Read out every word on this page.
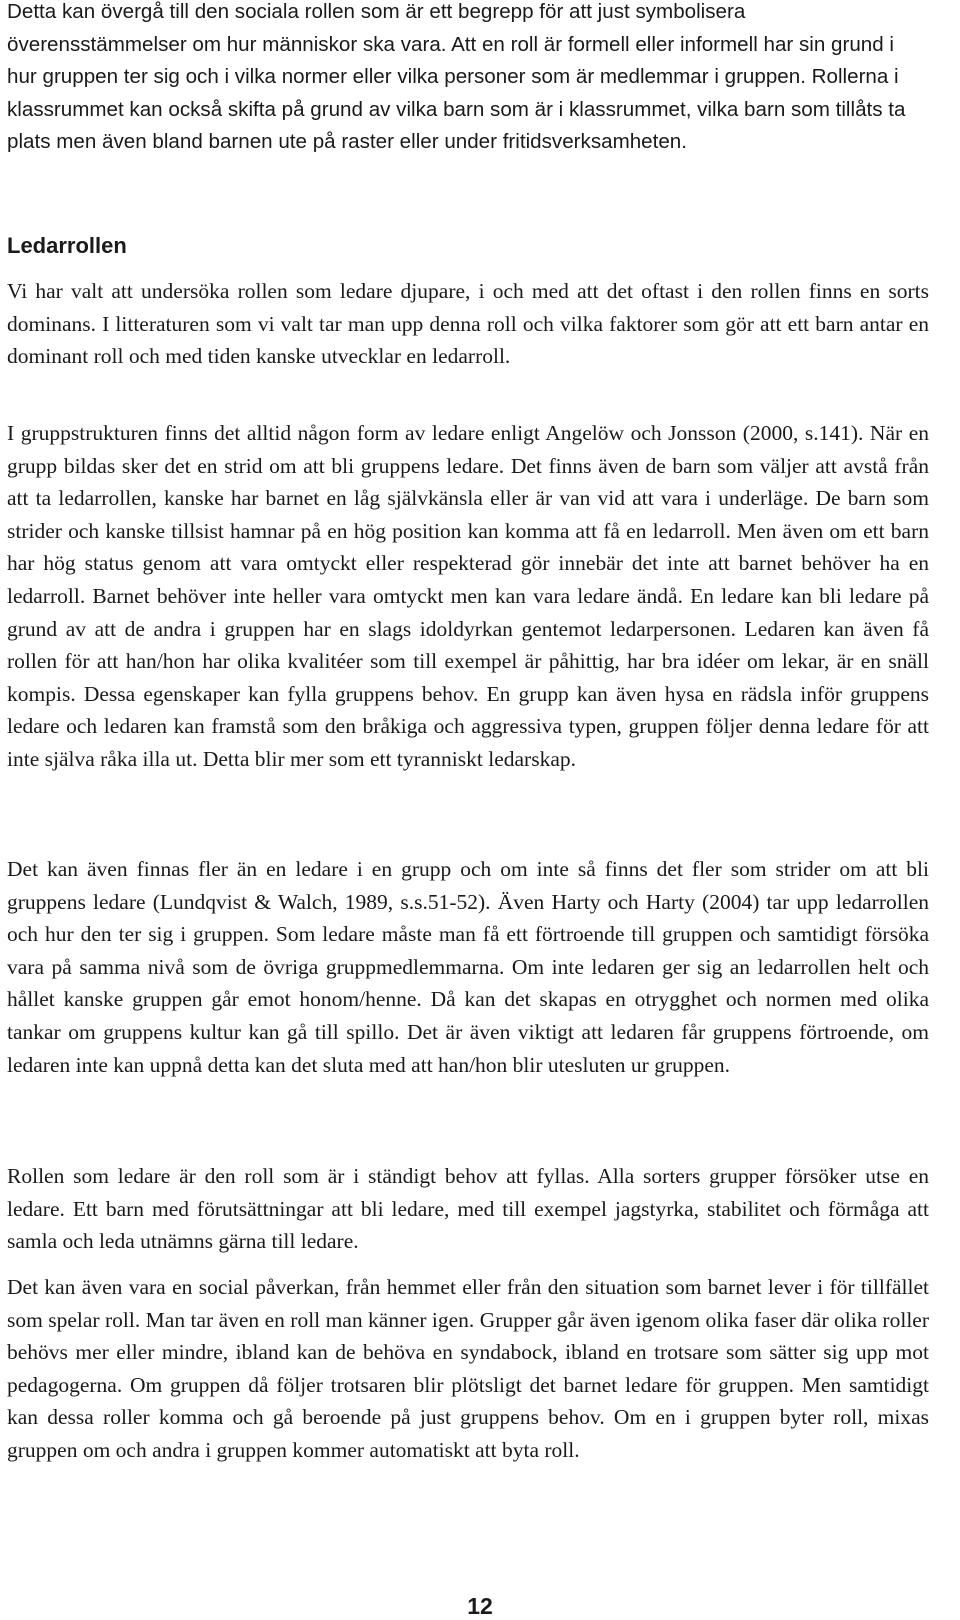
Detta kan övergå till den sociala rollen som är ett begrepp för att just symbolisera överensstämmelser om hur människor ska vara. Att en roll är formell eller informell har sin grund i hur gruppen ter sig och i vilka normer eller vilka personer som är medlemmar i gruppen. Rollerna i klassrummet kan också skifta på grund av vilka barn som är i klassrummet, vilka barn som tillåts ta plats men även bland barnen ute på raster eller under fritidsverksamheten.

Ledarrollen

Vi har valt att undersöka rollen som ledare djupare, i och med att det oftast i den rollen finns en sorts dominans. I litteraturen som vi valt tar man upp denna roll och vilka faktorer som gör att ett barn antar en dominant roll och med tiden kanske utvecklar en ledarroll.

I gruppstrukturen finns det alltid någon form av ledare enligt Angelöw och Jonsson (2000, s.141). När en grupp bildas sker det en strid om att bli gruppens ledare. Det finns även de barn som väljer att avstå från att ta ledarrollen, kanske har barnet en låg självkänsla eller är van vid att vara i underläge. De barn som strider och kanske tillsist hamnar på en hög position kan komma att få en ledarroll. Men även om ett barn har hög status genom att vara omtyckt eller respekterad gör innebär det inte att barnet behöver ha en ledarroll. Barnet behöver inte heller vara omtyckt men kan vara ledare ändå. En ledare kan bli ledare på grund av att de andra i gruppen har en slags idoldyrkan gentemot ledarpersonen. Ledaren kan även få rollen för att han/hon har olika kvalitéer som till exempel är påhittig, har bra idéer om lekar, är en snäll kompis. Dessa egenskaper kan fylla gruppens behov. En grupp kan även hysa en rädsla inför gruppens ledare och ledaren kan framstå som den bråkiga och aggressiva typen, gruppen följer denna ledare för att inte själva råka illa ut. Detta blir mer som ett tyranniskt ledarskap.

Det kan även finnas fler än en ledare i en grupp och om inte så finns det fler som strider om att bli gruppens ledare (Lundqvist & Walch, 1989, s.s.51-52). Även Harty och Harty (2004) tar upp ledarrollen och hur den ter sig i gruppen. Som ledare måste man få ett förtroende till gruppen och samtidigt försöka vara på samma nivå som de övriga gruppmedlemmarna. Om inte ledaren ger sig an ledarrollen helt och hållet kanske gruppen går emot honom/henne. Då kan det skapas en otrygghet och normen med olika tankar om gruppens kultur kan gå till spillo. Det är även viktigt att ledaren får gruppens förtroende, om ledaren inte kan uppnå detta kan det sluta med att han/hon blir utesluten ur gruppen.

Rollen som ledare är den roll som är i ständigt behov att fyllas. Alla sorters grupper försöker utse en ledare. Ett barn med förutsättningar att bli ledare, med till exempel jagstyrka, stabilitet och förmåga att samla och leda utnämns gärna till ledare.

Det kan även vara en social påverkan, från hemmet eller från den situation som barnet lever i för tillfället som spelar roll. Man tar även en roll man känner igen. Grupper går även igenom olika faser där olika roller behövs mer eller mindre, ibland kan de behöva en syndabock, ibland en trotsare som sätter sig upp mot pedagogerna. Om gruppen då följer trotsaren blir plötsligt det barnet ledare för gruppen. Men samtidigt kan dessa roller komma och gå beroende på just gruppens behov. Om en i gruppen byter roll, mixas gruppen om och andra i gruppen kommer automatiskt att byta roll.

12
